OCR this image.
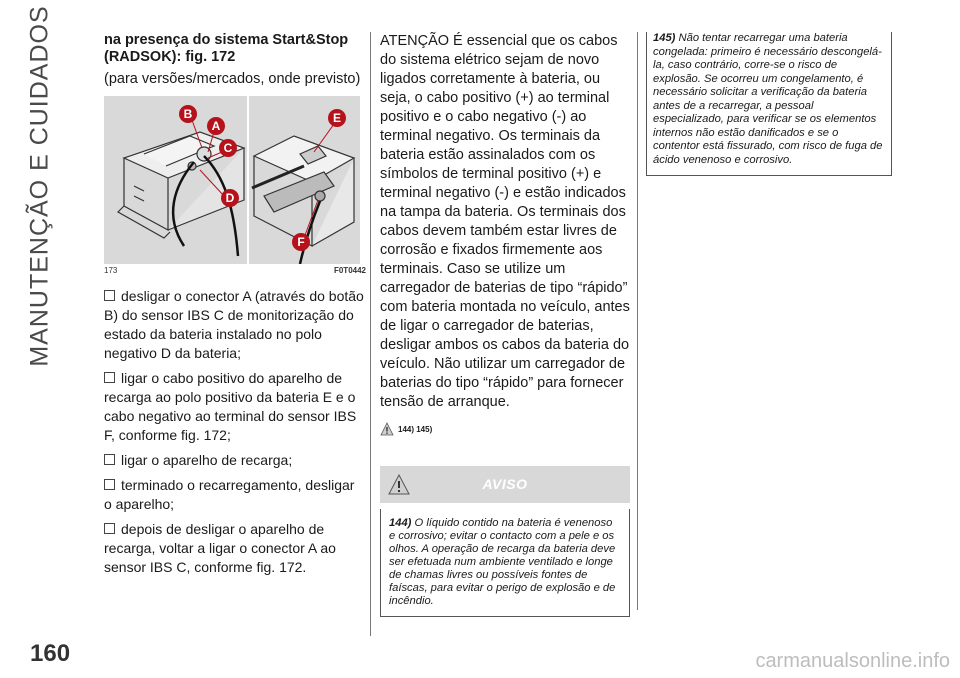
MANUTENÇÃO E CUIDADOS
160

na presença do sistema Start&Stop (RADSOK): fig. 172

(para versões/mercados, onde previsto)

B
A
C
D
E
F
173	F0T0442

desligar o conector A (através do botão B) do sensor IBS C de monitorização do estado da bateria instalado no polo negativo D da bateria;

ligar o cabo positivo do aparelho de recarga ao polo positivo da bateria E e o cabo negativo ao terminal do sensor IBS F, conforme fig. 172;

ligar o aparelho de recarga;

terminado o recarregamento, desligar o aparelho;

depois de desligar o aparelho de recarga, voltar a ligar o conector A ao sensor IBS C, conforme fig. 172.

ATENÇÃO É essencial que os cabos do sistema elétrico sejam de novo ligados corretamente à bateria, ou seja, o cabo positivo (+) ao terminal positivo e o cabo negativo (-) ao terminal negativo. Os terminais da bateria estão assinalados com os símbolos de terminal positivo (+) e terminal negativo (-) e estão indicados na tampa da bateria. Os terminais dos cabos devem também estar livres de corrosão e fixados firmemente aos terminais. Caso se utilize um carregador de baterias de tipo “rápido” com bateria montada no veículo, antes de ligar o carregador de baterias, desligar ambos os cabos da bateria do veículo. Não utilizar um carregador de baterias do tipo “rápido” para fornecer tensão de arranque.

144) 145)
AVISO
144) O líquido contido na bateria é venenoso e corrosivo; evitar o contacto com a pele e os olhos. A operação de recarga da bateria deve ser efetuada num ambiente ventilado e longe de chamas livres ou possíveis fontes de faíscas, para evitar o perigo de explosão e de incêndio.
145) Não tentar recarregar uma bateria congelada: primeiro é necessário descongelá-la, caso contrário, corre-se o risco de explosão. Se ocorreu um congelamento, é necessário solicitar a verificação da bateria antes de a recarregar, a pessoal especializado, para verificar se os elementos internos não estão danificados e se o contentor está fissurado, com risco de fuga de ácido venenoso e corrosivo.
carmanualsonline.info
